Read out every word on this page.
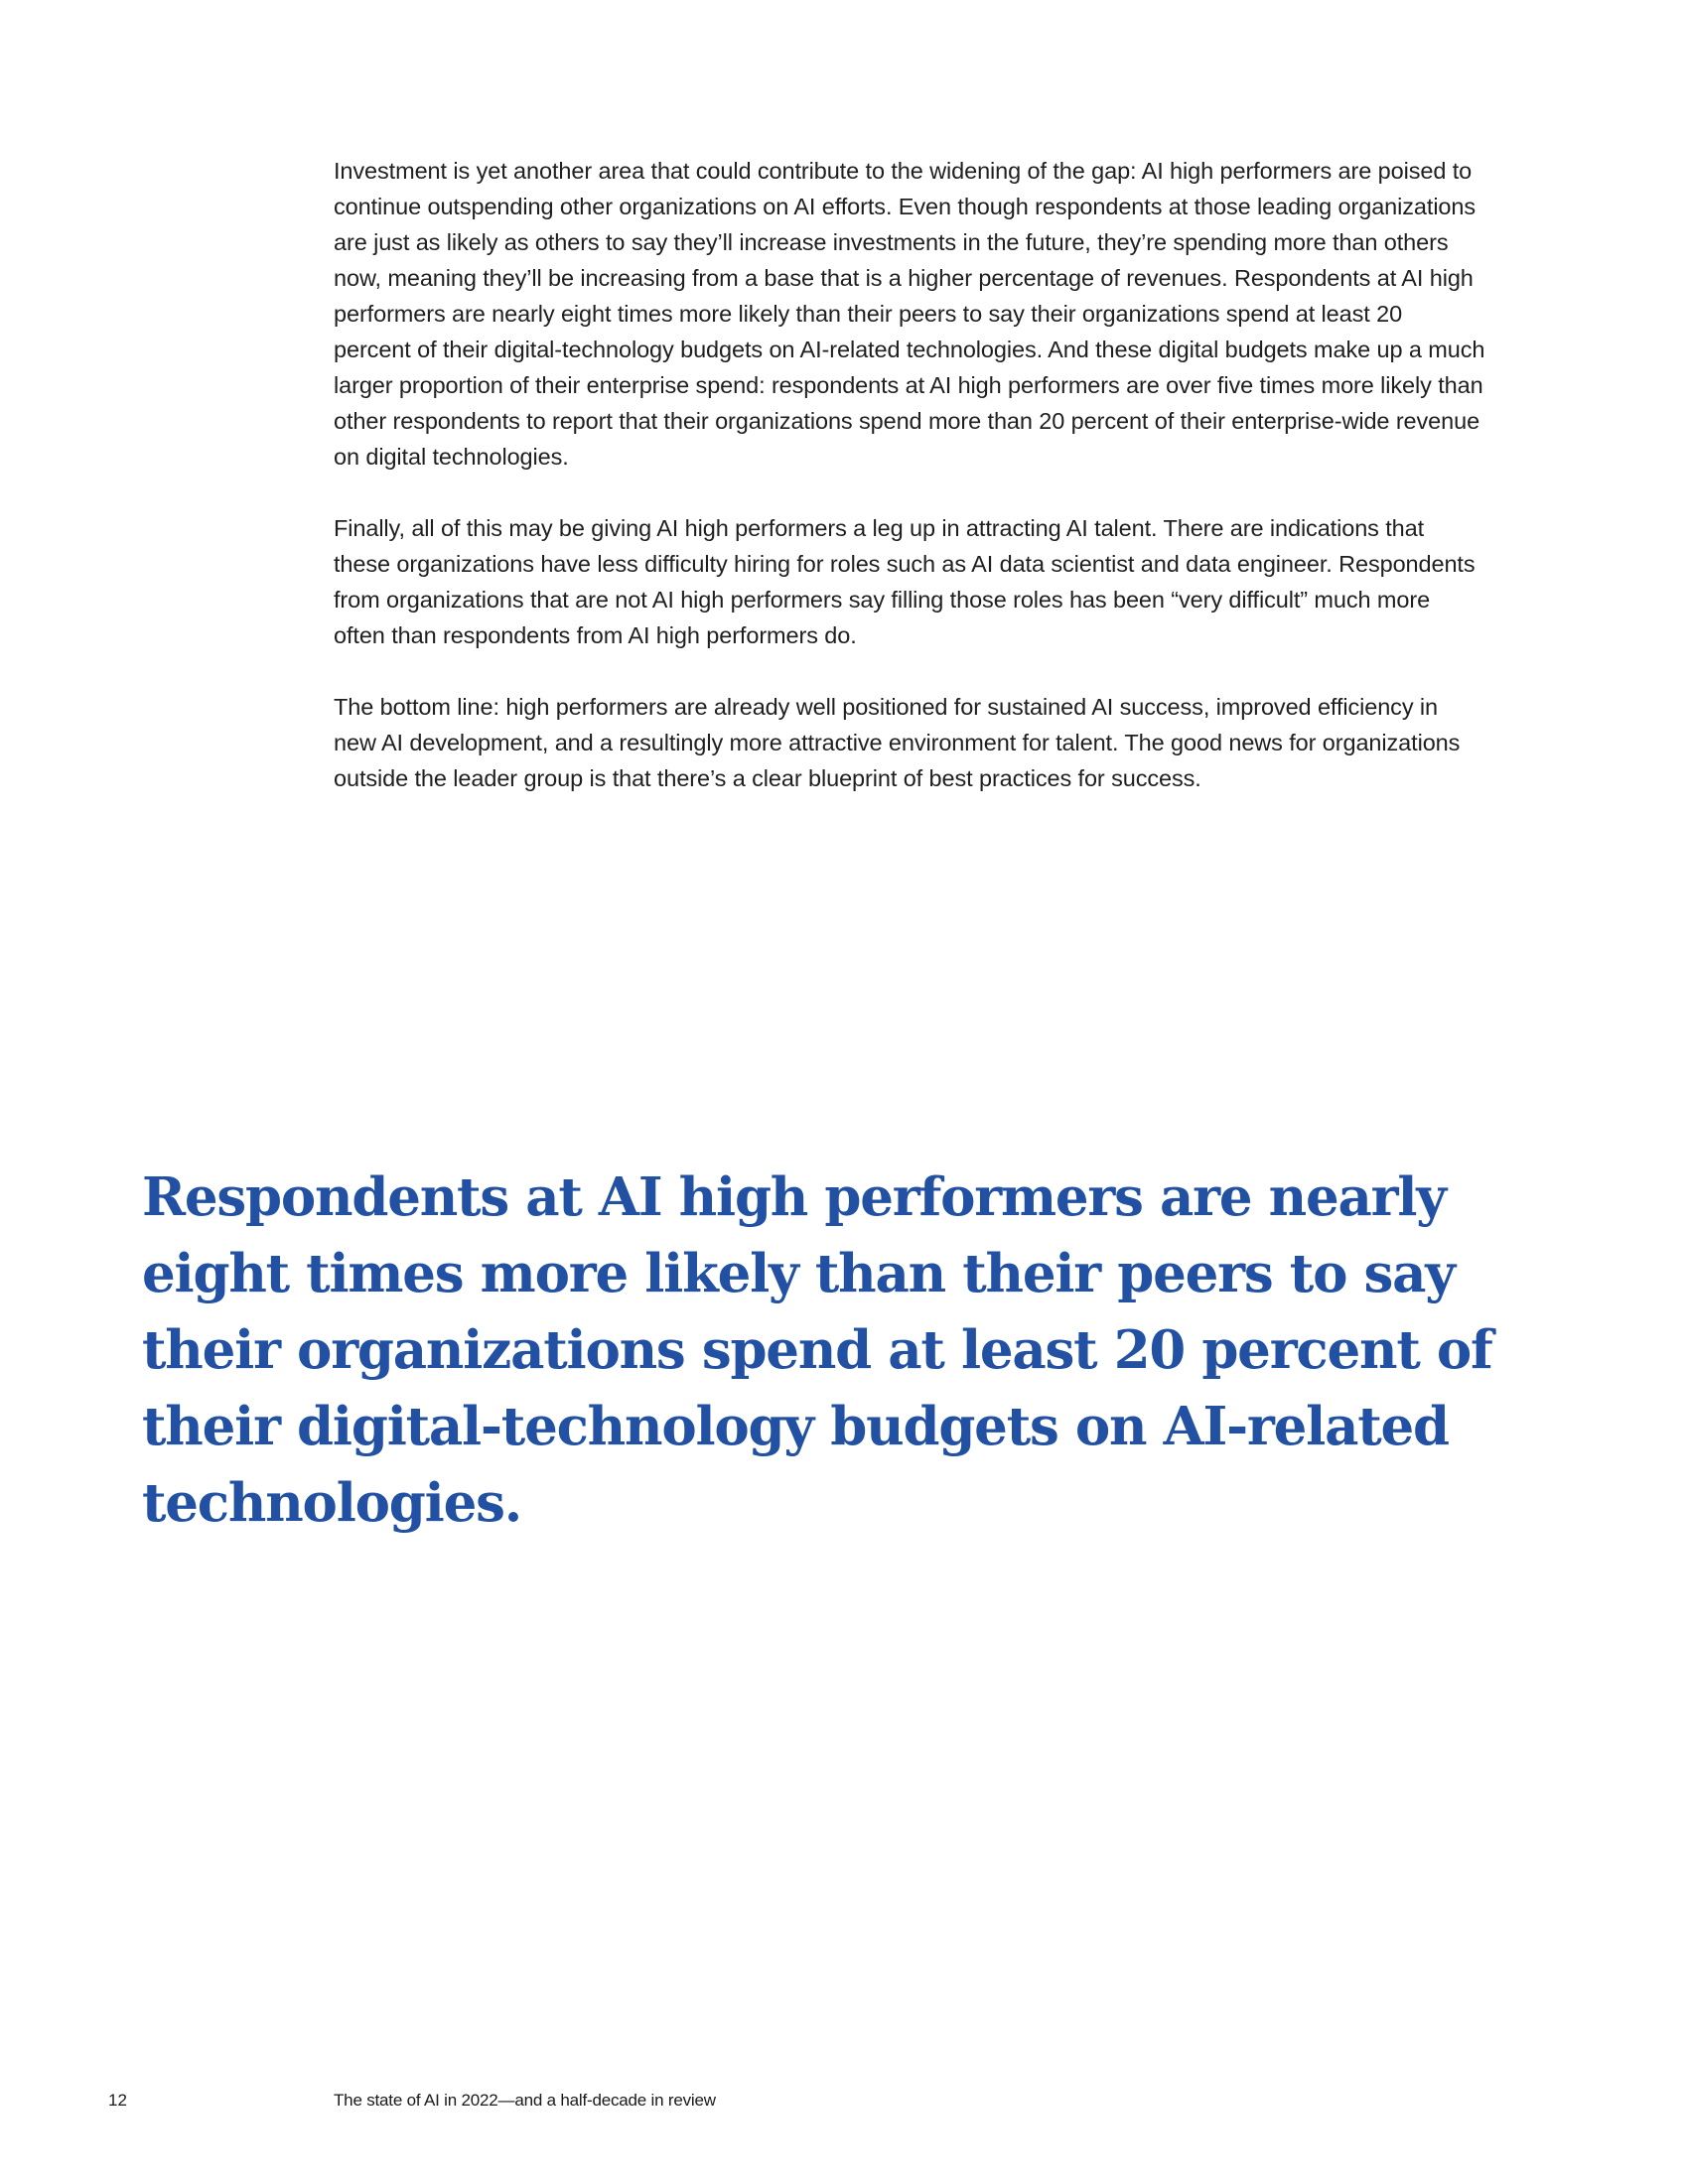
Investment is yet another area that could contribute to the widening of the gap: AI high performers are poised to continue outspending other organizations on AI efforts. Even though respondents at those leading organizations are just as likely as others to say they’ll increase investments in the future, they’re spending more than others now, meaning they’ll be increasing from a base that is a higher percentage of revenues. Respondents at AI high performers are nearly eight times more likely than their peers to say their organizations spend at least 20 percent of their digital-technology budgets on AI-related technologies. And these digital budgets make up a much larger proportion of their enterprise spend: respondents at AI high performers are over five times more likely than other respondents to report that their organizations spend more than 20 percent of their enterprise-wide revenue on digital technologies.

Finally, all of this may be giving AI high performers a leg up in attracting AI talent. There are indications that these organizations have less difficulty hiring for roles such as AI data scientist and data engineer. Respondents from organizations that are not AI high performers say filling those roles has been “very difficult” much more often than respondents from AI high performers do.

The bottom line: high performers are already well positioned for sustained AI success, improved efficiency in new AI development, and a resultingly more attractive environment for talent. The good news for organizations outside the leader group is that there’s a clear blueprint of best practices for success.

Respondents at AI high performers are nearly eight times more likely than their peers to say their organizations spend at least 20 percent of their digital-technology budgets on AI-related technologies.

12	The state of AI in 2022—and a half-decade in review
